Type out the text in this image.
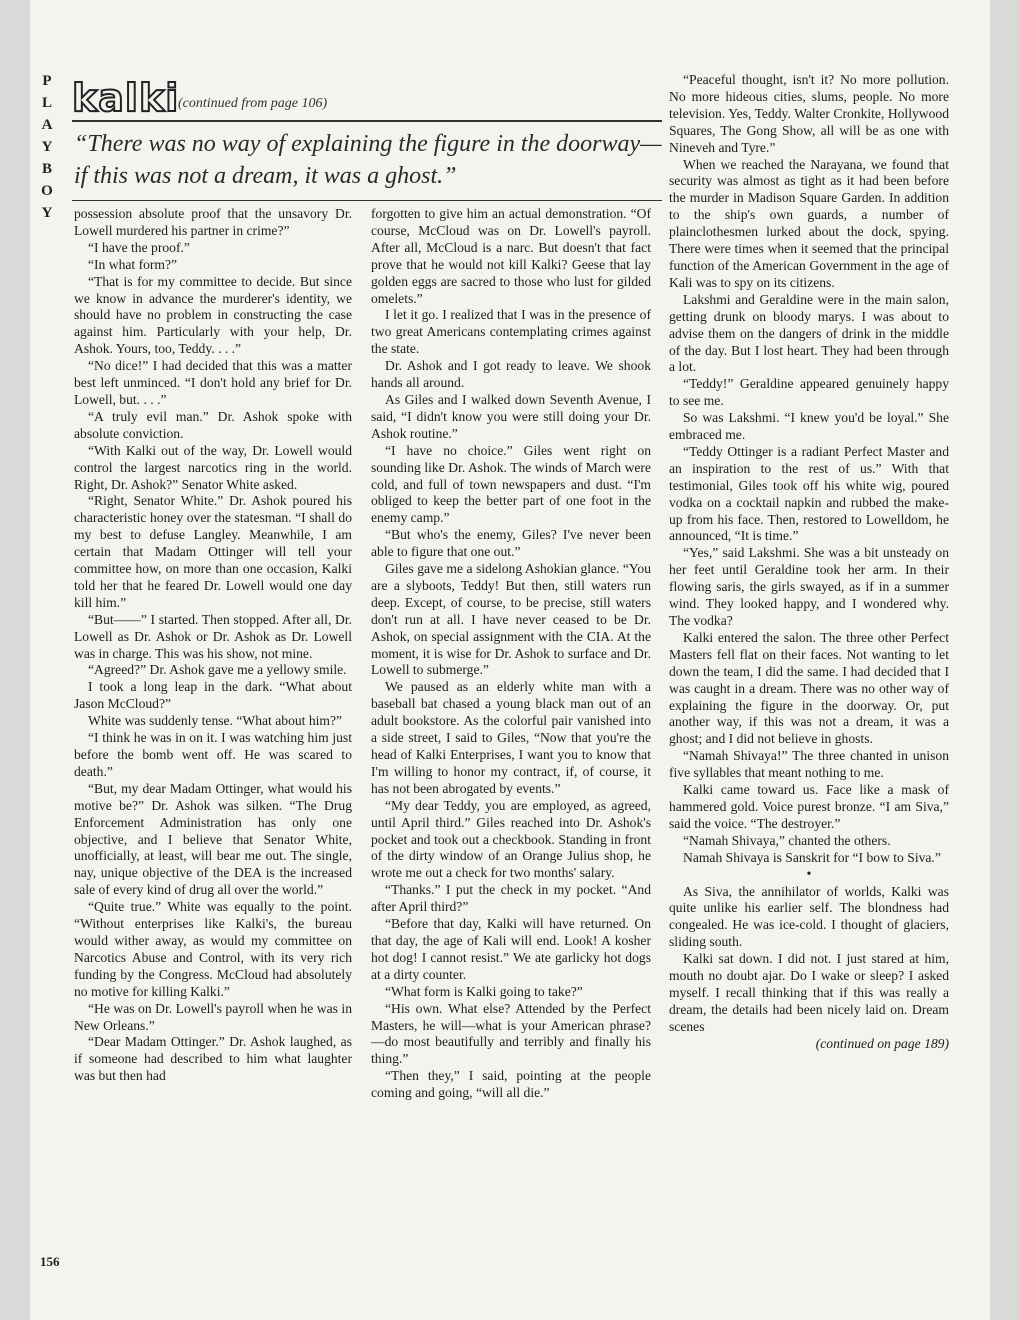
P
L
A
Y
B
O
Y
kalki
(continued from page 106)

“There was no way of explaining the figure in the doorway—if this was not a dream, it was a ghost.”

possession absolute proof that the unsavory Dr. Lowell murdered his partner in crime?”

“I have the proof.”

“In what form?”

“That is for my committee to decide. But since we know in advance the murderer's identity, we should have no problem in constructing the case against him. Particularly with your help, Dr. Ashok. Yours, too, Teddy. . . .”

“No dice!” I had decided that this was a matter best left unminced. “I don't hold any brief for Dr. Lowell, but. . . .”

“A truly evil man.” Dr. Ashok spoke with absolute conviction.

“With Kalki out of the way, Dr. Lowell would control the largest narcotics ring in the world. Right, Dr. Ashok?” Senator White asked.

“Right, Senator White.” Dr. Ashok poured his characteristic honey over the statesman. “I shall do my best to defuse Langley. Meanwhile, I am certain that Madam Ottinger will tell your committee how, on more than one occasion, Kalki told her that he feared Dr. Lowell would one day kill him.”

“But——” I started. Then stopped. After all, Dr. Lowell as Dr. Ashok or Dr. Ashok as Dr. Lowell was in charge. This was his show, not mine.

“Agreed?” Dr. Ashok gave me a yellowy smile.

I took a long leap in the dark. “What about Jason McCloud?”

White was suddenly tense. “What about him?”

“I think he was in on it. I was watching him just before the bomb went off. He was scared to death.”

“But, my dear Madam Ottinger, what would his motive be?” Dr. Ashok was silken. “The Drug Enforcement Administration has only one objective, and I believe that Senator White, unofficially, at least, will bear me out. The single, nay, unique objective of the DEA is the increased sale of every kind of drug all over the world.”

“Quite true.” White was equally to the point. “Without enterprises like Kalki's, the bureau would wither away, as would my committee on Narcotics Abuse and Control, with its very rich funding by the Congress. McCloud had absolutely no motive for killing Kalki.”

“He was on Dr. Lowell's payroll when he was in New Orleans.”

“Dear Madam Ottinger.” Dr. Ashok laughed, as if someone had described to him what laughter was but then had

forgotten to give him an actual demonstration. “Of course, McCloud was on Dr. Lowell's payroll. After all, McCloud is a narc. But doesn't that fact prove that he would not kill Kalki? Geese that lay golden eggs are sacred to those who lust for gilded omelets.”

I let it go. I realized that I was in the presence of two great Americans contemplating crimes against the state.

Dr. Ashok and I got ready to leave. We shook hands all around.

As Giles and I walked down Seventh Avenue, I said, “I didn't know you were still doing your Dr. Ashok routine.”

“I have no choice.” Giles went right on sounding like Dr. Ashok. The winds of March were cold, and full of town newspapers and dust. “I'm obliged to keep the better part of one foot in the enemy camp.”

“But who's the enemy, Giles? I've never been able to figure that one out.”

Giles gave me a sidelong Ashokian glance. “You are a slyboots, Teddy! But then, still waters run deep. Except, of course, to be precise, still waters don't run at all. I have never ceased to be Dr. Ashok, on special assignment with the CIA. At the moment, it is wise for Dr. Ashok to surface and Dr. Lowell to submerge.”

We paused as an elderly white man with a baseball bat chased a young black man out of an adult bookstore. As the colorful pair vanished into a side street, I said to Giles, “Now that you're the head of Kalki Enterprises, I want you to know that I'm willing to honor my contract, if, of course, it has not been abrogated by events.”

“My dear Teddy, you are employed, as agreed, until April third.” Giles reached into Dr. Ashok's pocket and took out a checkbook. Standing in front of the dirty window of an Orange Julius shop, he wrote me out a check for two months' salary.

“Thanks.” I put the check in my pocket. “And after April third?”

“Before that day, Kalki will have returned. On that day, the age of Kali will end. Look! A kosher hot dog! I cannot resist.” We ate garlicky hot dogs at a dirty counter.

“What form is Kalki going to take?”

“His own. What else? Attended by the Perfect Masters, he will—what is your American phrase?—do most beautifully and terribly and finally his thing.”

“Then they,” I said, pointing at the people coming and going, “will all die.”

“Peaceful thought, isn't it? No more pollution. No more hideous cities, slums, people. No more television. Yes, Teddy. Walter Cronkite, Hollywood Squares, The Gong Show, all will be as one with Nineveh and Tyre.”

When we reached the Narayana, we found that security was almost as tight as it had been before the murder in Madison Square Garden. In addition to the ship's own guards, a number of plainclothesmen lurked about the dock, spying. There were times when it seemed that the principal function of the American Government in the age of Kali was to spy on its citizens.

Lakshmi and Geraldine were in the main salon, getting drunk on bloody marys. I was about to advise them on the dangers of drink in the middle of the day. But I lost heart. They had been through a lot.

“Teddy!” Geraldine appeared genuinely happy to see me.

So was Lakshmi. “I knew you'd be loyal.” She embraced me.

“Teddy Ottinger is a radiant Perfect Master and an inspiration to the rest of us.” With that testimonial, Giles took off his white wig, poured vodka on a cocktail napkin and rubbed the make-up from his face. Then, restored to Lowelldom, he announced, “It is time.”

“Yes,” said Lakshmi. She was a bit unsteady on her feet until Geraldine took her arm. In their flowing saris, the girls swayed, as if in a summer wind. They looked happy, and I wondered why. The vodka?

Kalki entered the salon. The three other Perfect Masters fell flat on their faces. Not wanting to let down the team, I did the same. I had decided that I was caught in a dream. There was no other way of explaining the figure in the doorway. Or, put another way, if this was not a dream, it was a ghost; and I did not believe in ghosts.

“Namah Shivaya!” The three chanted in unison five syllables that meant nothing to me.

Kalki came toward us. Face like a mask of hammered gold. Voice purest bronze. “I am Siva,” said the voice. “The destroyer.”

“Namah Shivaya,” chanted the others.

Namah Shivaya is Sanskrit for “I bow to Siva.”

•

As Siva, the annihilator of worlds, Kalki was quite unlike his earlier self. The blondness had congealed. He was ice-cold. I thought of glaciers, sliding south.

Kalki sat down. I did not. I just stared at him, mouth no doubt ajar. Do I wake or sleep? I asked myself. I recall thinking that if this was really a dream, the details had been nicely laid on. Dream scenes

(continued on page 189)
156
